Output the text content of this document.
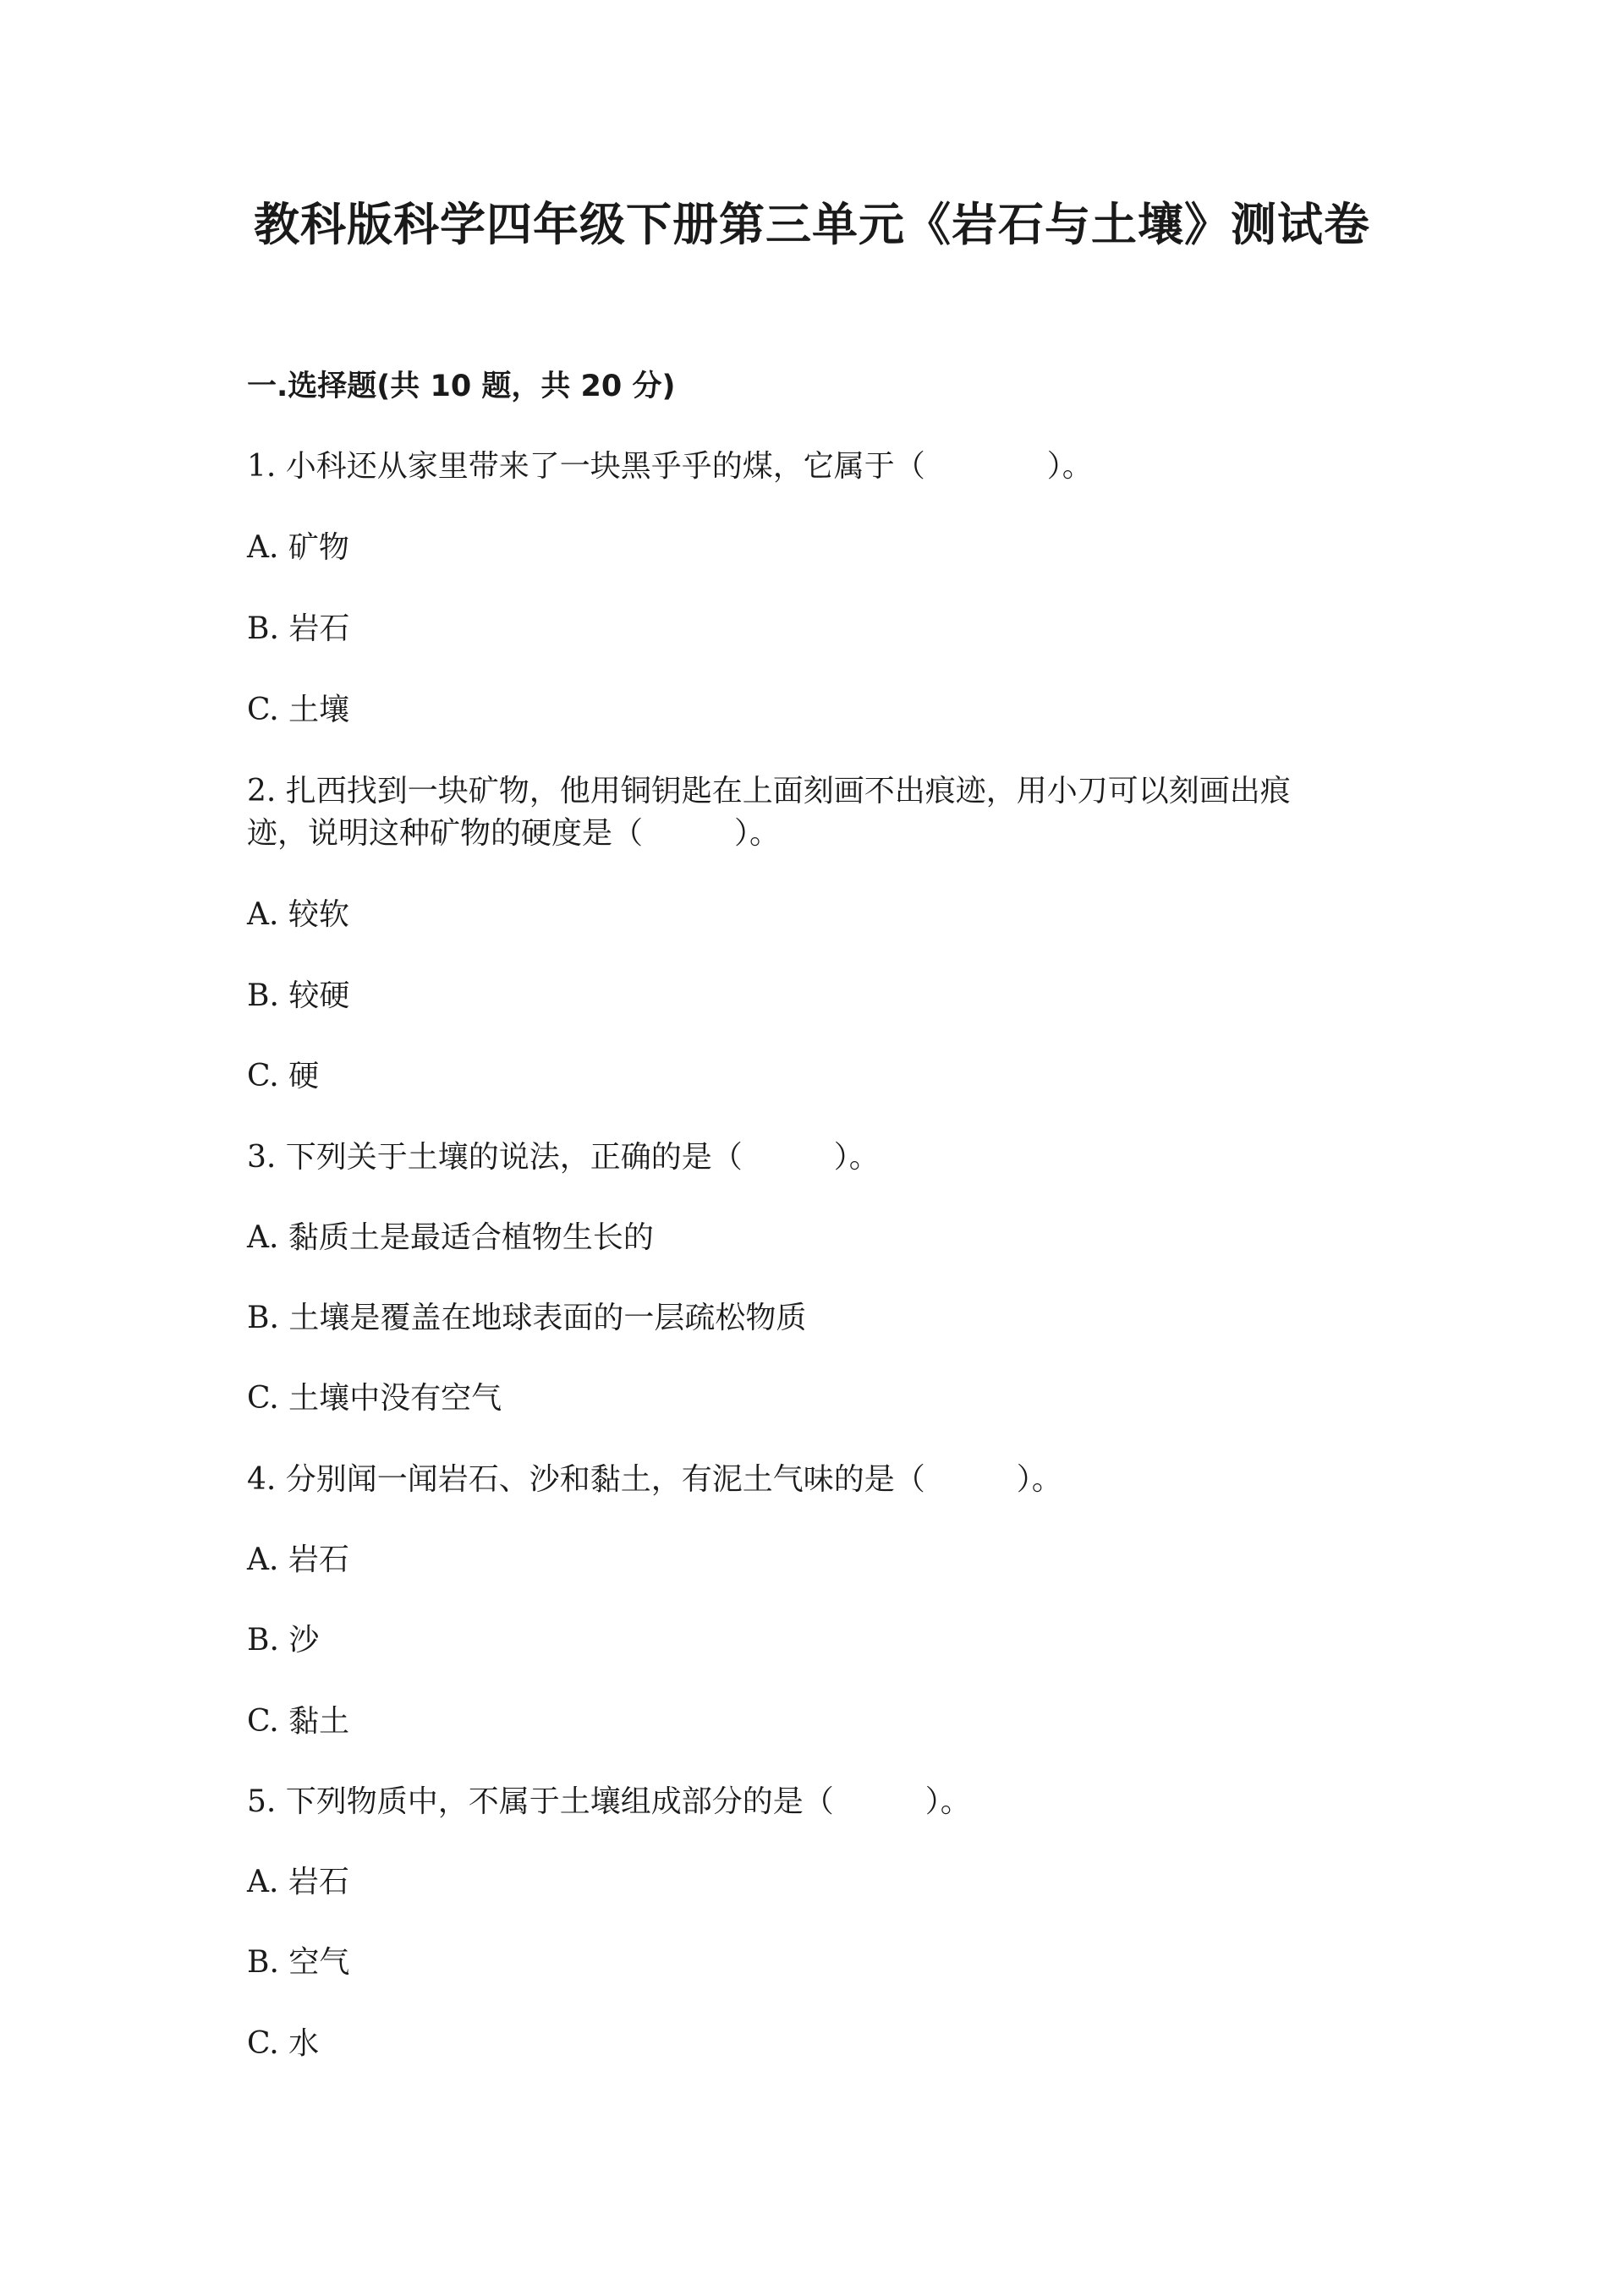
教科版科学四年级下册第三单元《岩石与土壤》测试卷
一.选择题(共 10 题，共 20 分)

1. 小科还从家里带来了一块黑乎乎的煤，它属于（　　　　）。

A. 矿物

B. 岩石

C. 土壤

2. 扎西找到一块矿物，他用铜钥匙在上面刻画不出痕迹，用小刀可以刻画出痕

迹，说明这种矿物的硬度是（　　　）。

A. 较软

B. 较硬

C. 硬

3. 下列关于土壤的说法，正确的是（　　　）。

A. 黏质土是最适合植物生长的

B. 土壤是覆盖在地球表面的一层疏松物质

C. 土壤中没有空气

4. 分别闻一闻岩石、沙和黏土，有泥土气味的是（　　　）。

A. 岩石

B. 沙

C. 黏土

5. 下列物质中，不属于土壤组成部分的是（　　　）。

A. 岩石

B. 空气

C. 水
